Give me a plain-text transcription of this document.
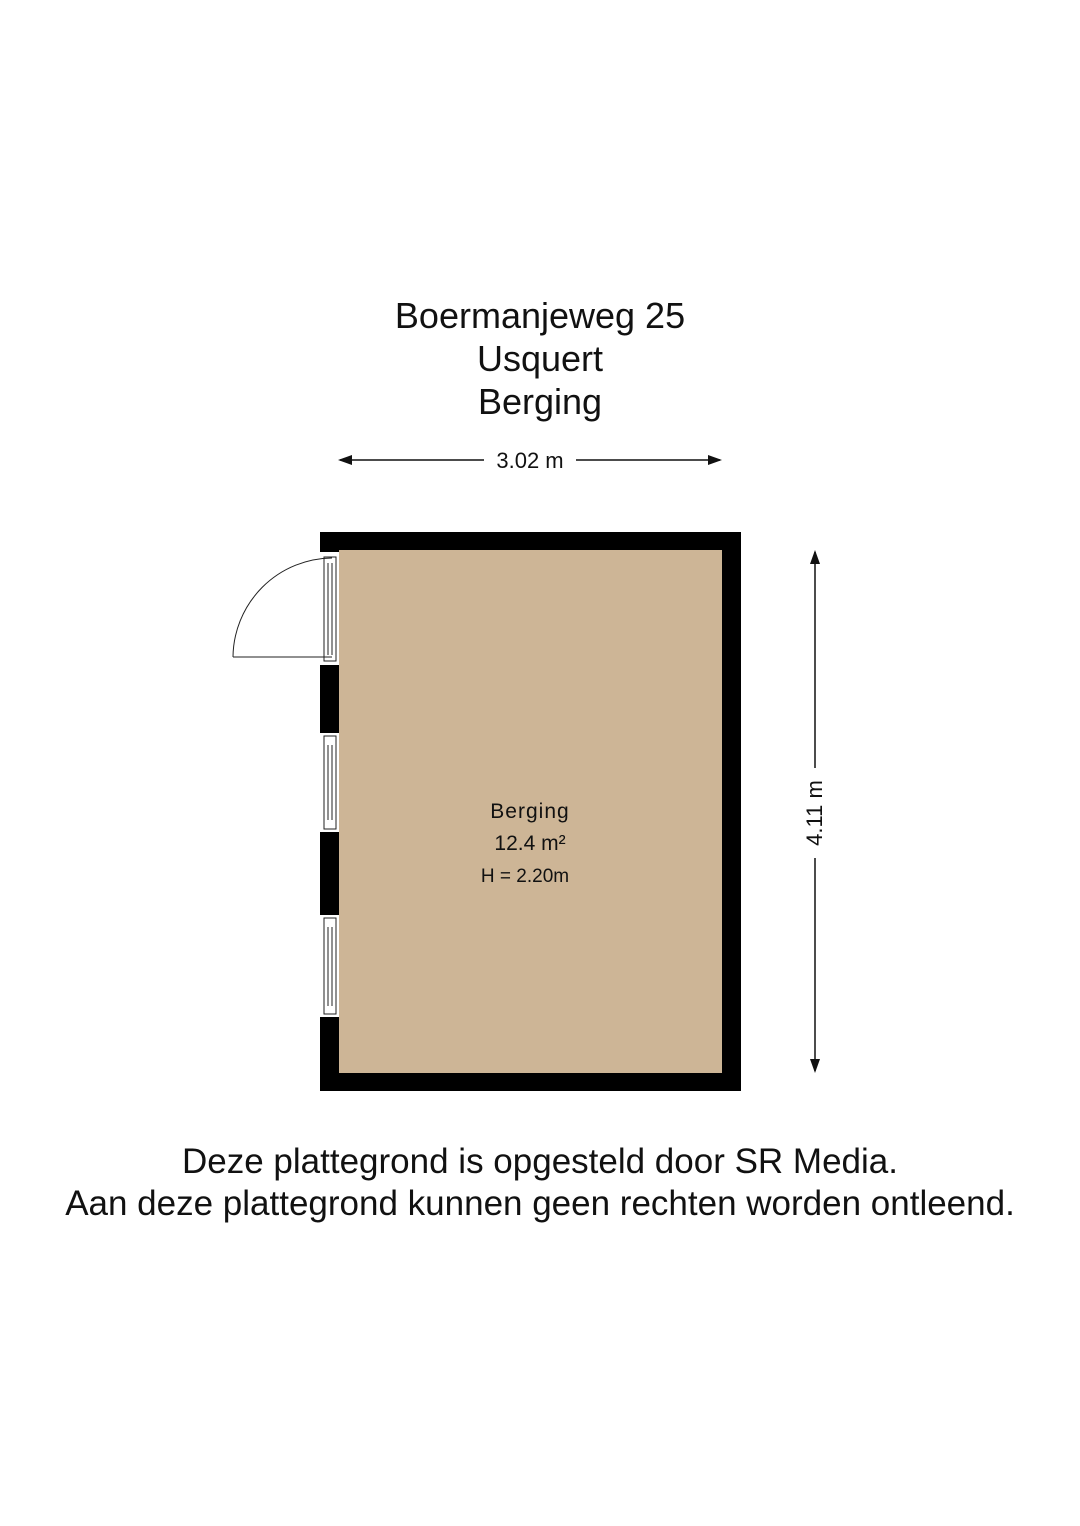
Boermanjeweg 25
Usquert
Berging
3.02 m
4.11 m
Berging
12.4 m²
H = 2.20m
Deze plattegrond is opgesteld door SR Media.
Aan deze plattegrond kunnen geen rechten worden ontleend.
